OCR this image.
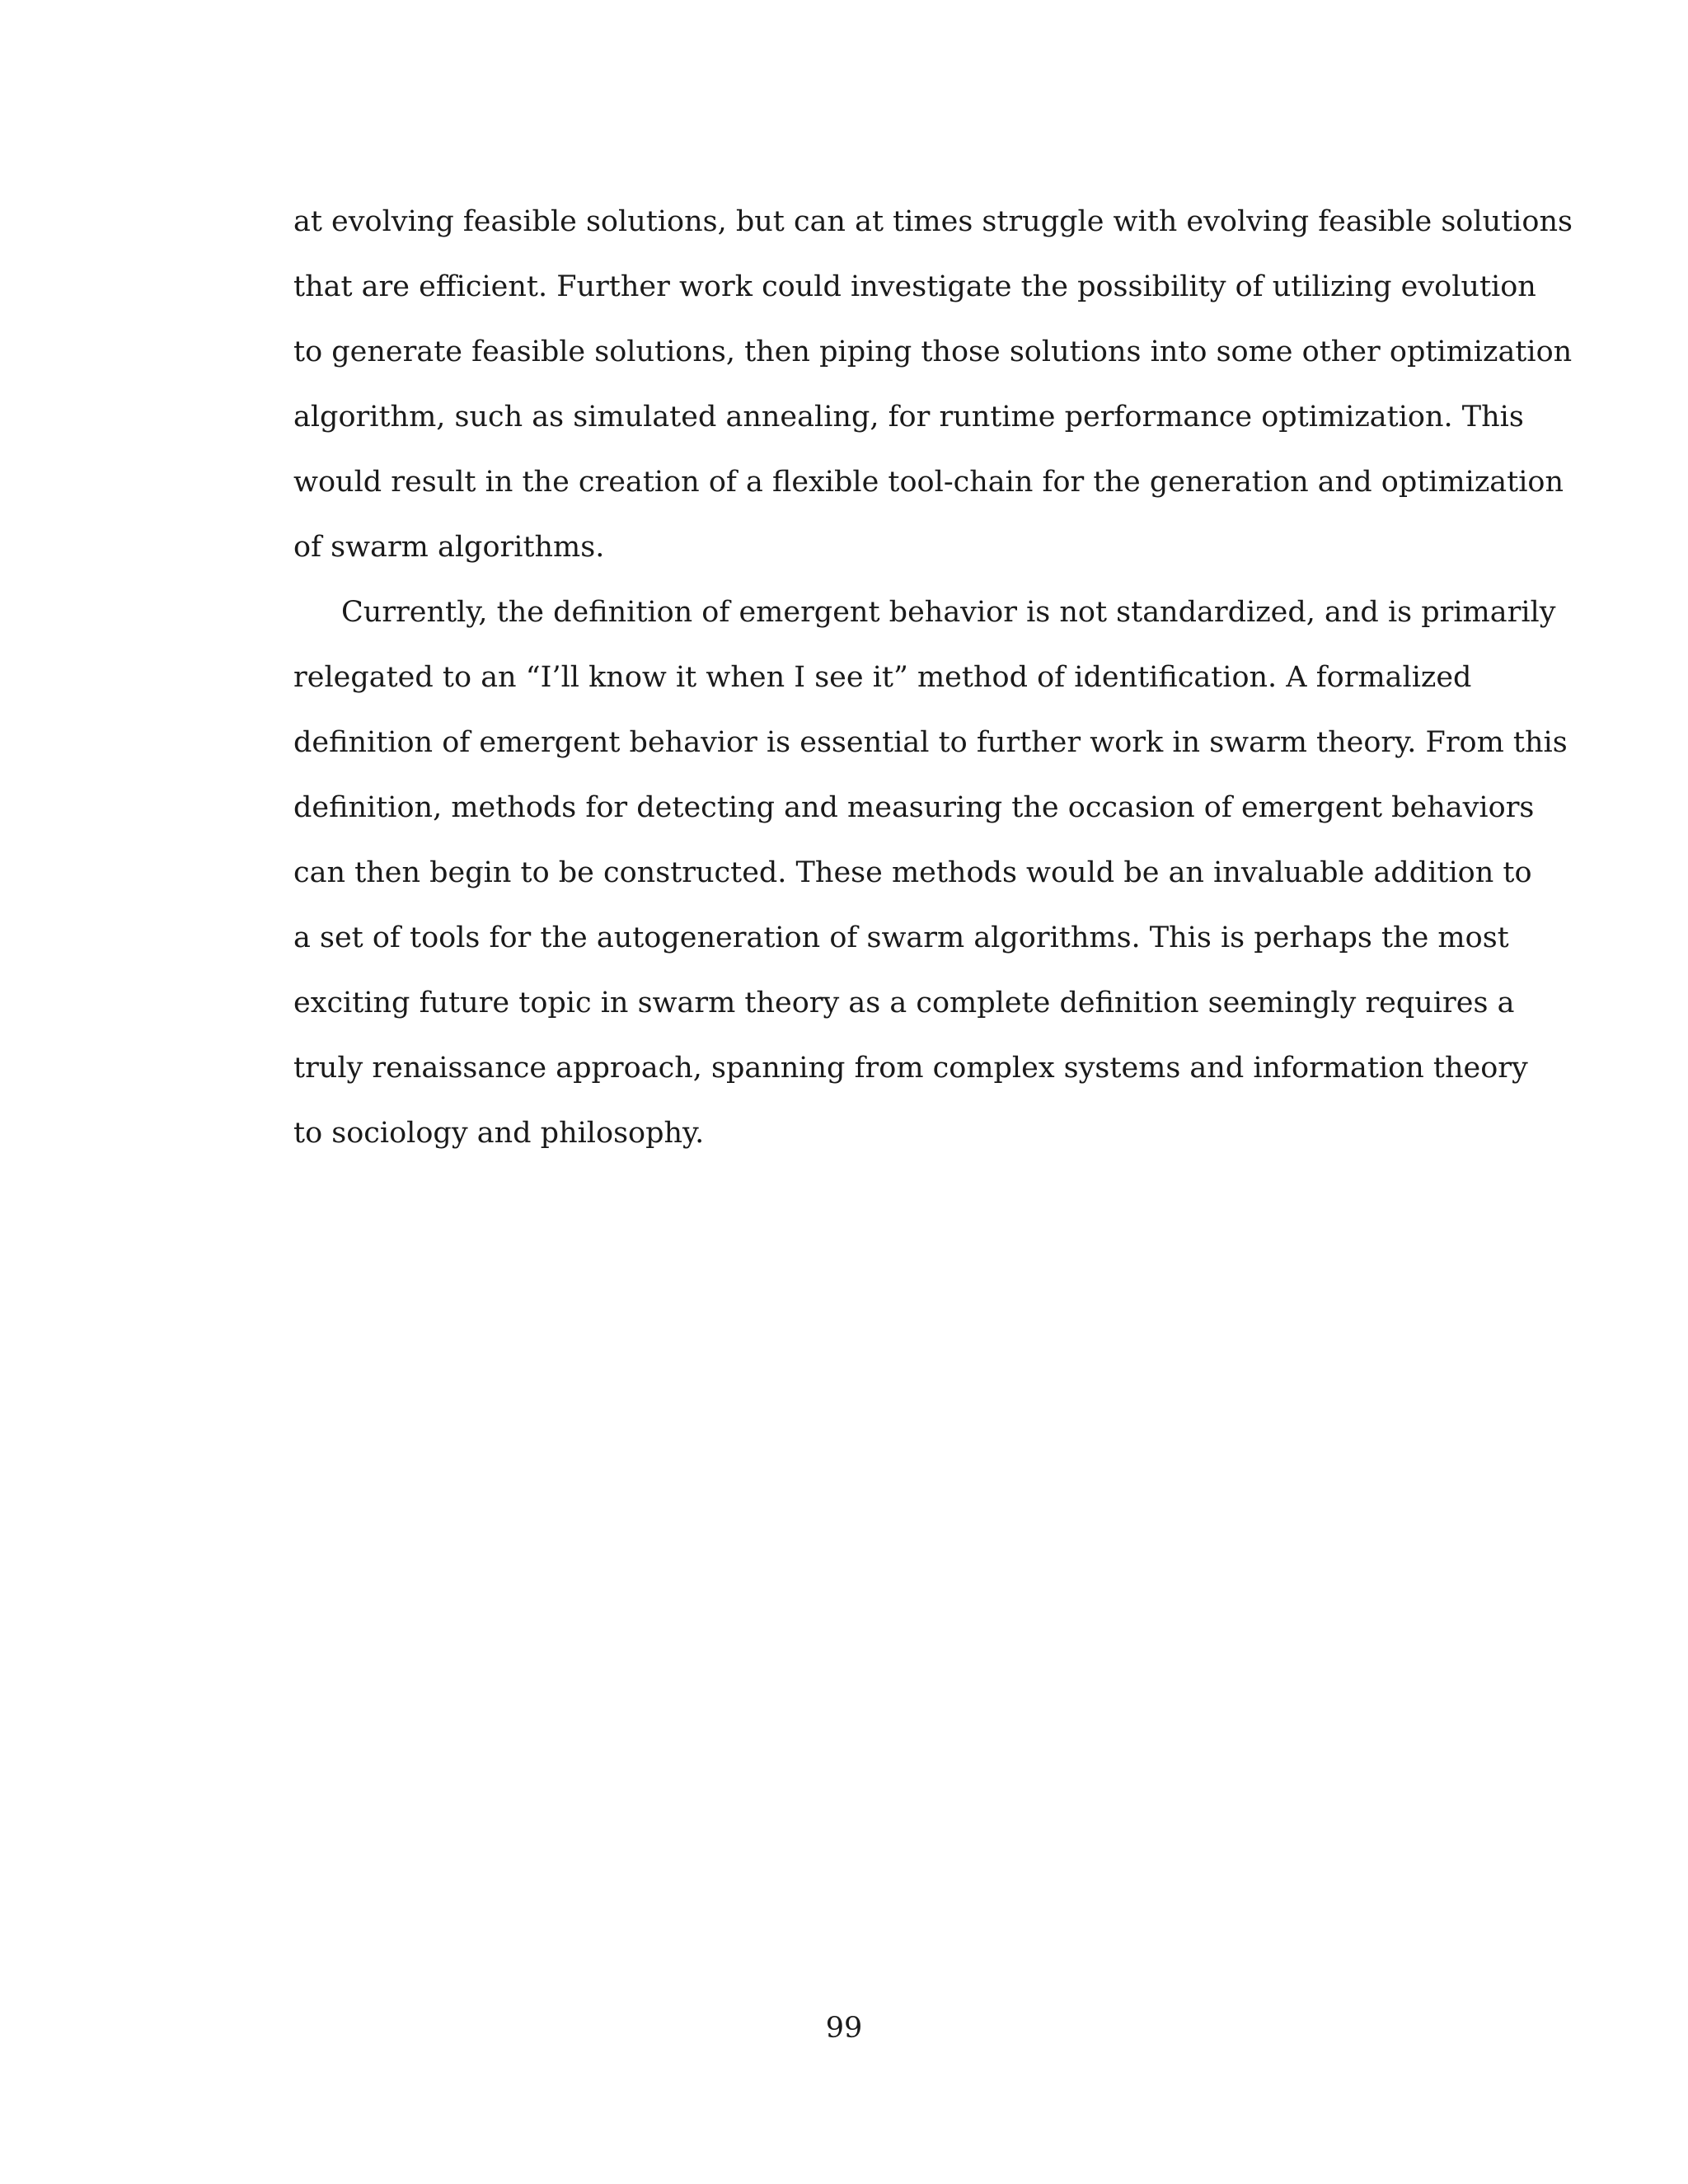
at evolving feasible solutions, but can at times struggle with evolving feasible solutions
that are efficient. Further work could investigate the possibility of utilizing evolution
to generate feasible solutions, then piping those solutions into some other optimization
algorithm, such as simulated annealing, for runtime performance optimization. This
would result in the creation of a flexible tool-chain for the generation and optimization
of swarm algorithms.
Currently, the definition of emergent behavior is not standardized, and is primarily
relegated to an “I’ll know it when I see it” method of identification. A formalized
definition of emergent behavior is essential to further work in swarm theory. From this
definition, methods for detecting and measuring the occasion of emergent behaviors
can then begin to be constructed. These methods would be an invaluable addition to
a set of tools for the autogeneration of swarm algorithms. This is perhaps the most
exciting future topic in swarm theory as a complete definition seemingly requires a
truly renaissance approach, spanning from complex systems and information theory
to sociology and philosophy.
99
